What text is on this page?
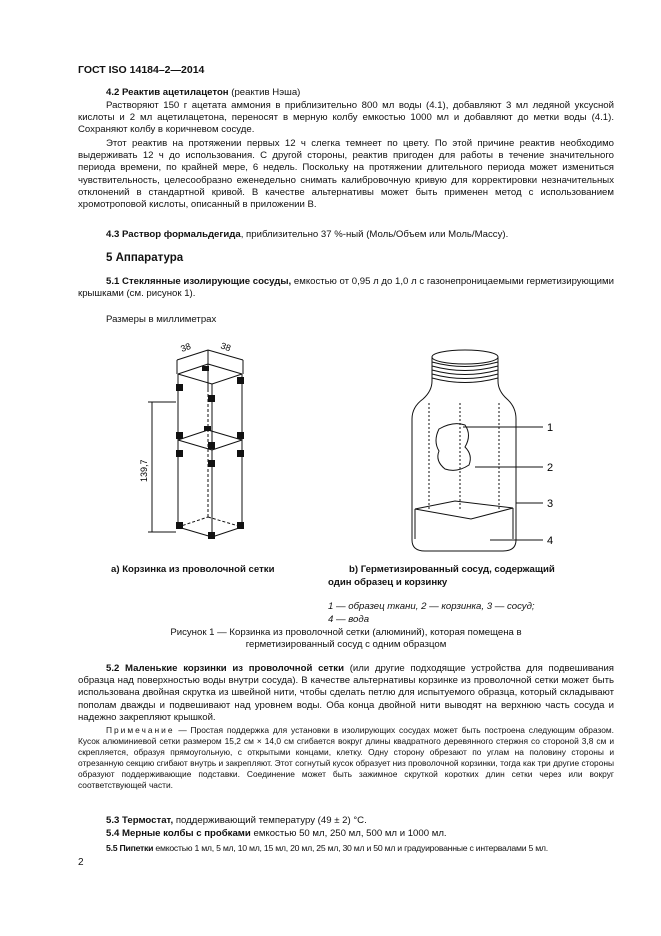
ГОСТ ISO 14184–2—2014
4.2 Реактив ацетилацетон (реактив Нэша)
Растворяют 150 г ацетата аммония в приблизительно 800 мл воды (4.1), добавляют 3 мл ледяной уксусной кислоты и 2 мл ацетилацетона, переносят в мерную колбу емкостью 1000 мл и добавляют до метки воды (4.1). Сохраняют колбу в коричневом сосуде.
Этот реактив на протяжении первых 12 ч слегка темнеет по цвету. По этой причине реактив необходимо выдерживать 12 ч до использования. С другой стороны, реактив пригоден для работы в течение значительного периода времени, по крайней мере, 6 недель. Поскольку на протяжении длительного периода может измениться чувствительность, целесообразно еженедельно снимать калибровочную кривую для корректировки незначительных отклонений в стандартной кривой. В качестве альтернативы может быть применен метод с использованием хромотроповой кислоты, описанный в приложении В.
4.3 Раствор формальдегида, приблизительно 37 %-ный (Моль/Объем или Моль/Массу).
5 Аппаратура
5.1 Стеклянные изолирующие сосуды, емкостью от 0,95 л до 1,0 л с газонепроницаемыми герметизирующими крышками (см. рисунок 1).
Размеры в миллиметрах
38	38
139,7
1
2
3
4
а) Корзинка из проволочной сетки	b) Герметизированный сосуд, содержащий
один образец и корзинку
1 — образец ткани, 2 — корзинка, 3 — сосуд;
4 — вода
Рисунок 1 — Корзинка из проволочной сетки (алюминий), которая помещена в
герметизированный сосуд с одним образцом
5.2 Маленькие корзинки из проволочной сетки (или другие подходящие устройства для подвешивания образца над поверхностью воды внутри сосуда). В качестве альтернативы корзинке из проволочной сетки может быть использована двойная скрутка из швейной нити, чтобы сделать петлю для испытуемого образца, который складывают пополам дважды и подвешивают над уровнем воды. Оба конца двойной нити выводят на верхнюю часть сосуда и надежно закрепляют крышкой.
Примечание — Простая поддержка для установки в изолирующих сосудах может быть построена следующим образом. Кусок алюминиевой сетки размером 15,2 см × 14,0 см сгибается вокруг длины квадратного деревянного стержня со стороной 3,8 см и скрепляется, образуя прямоугольную, с открытыми концами, клетку. Одну сторону обрезают по углам на половину стороны и отрезанную секцию сгибают внутрь и закрепляют. Этот согнутый кусок образует низ проволочной корзинки, тогда как три другие стороны образуют поддерживающие подставки. Соединение может быть зажимное скруткой коротких длин сетки через или вокруг соответствующей части.
5.3 Термостат, поддерживающий температуру (49 ± 2) °С.
5.4 Мерные колбы с пробками емкостью 50 мл, 250 мл, 500 мл и 1000 мл.
5.5 Пипетки емкостью 1 мл, 5 мл, 10 мл, 15 мл, 20 мл, 25 мл, 30 мл и 50 мл и градуированные с интервалами 5 мл.
2
